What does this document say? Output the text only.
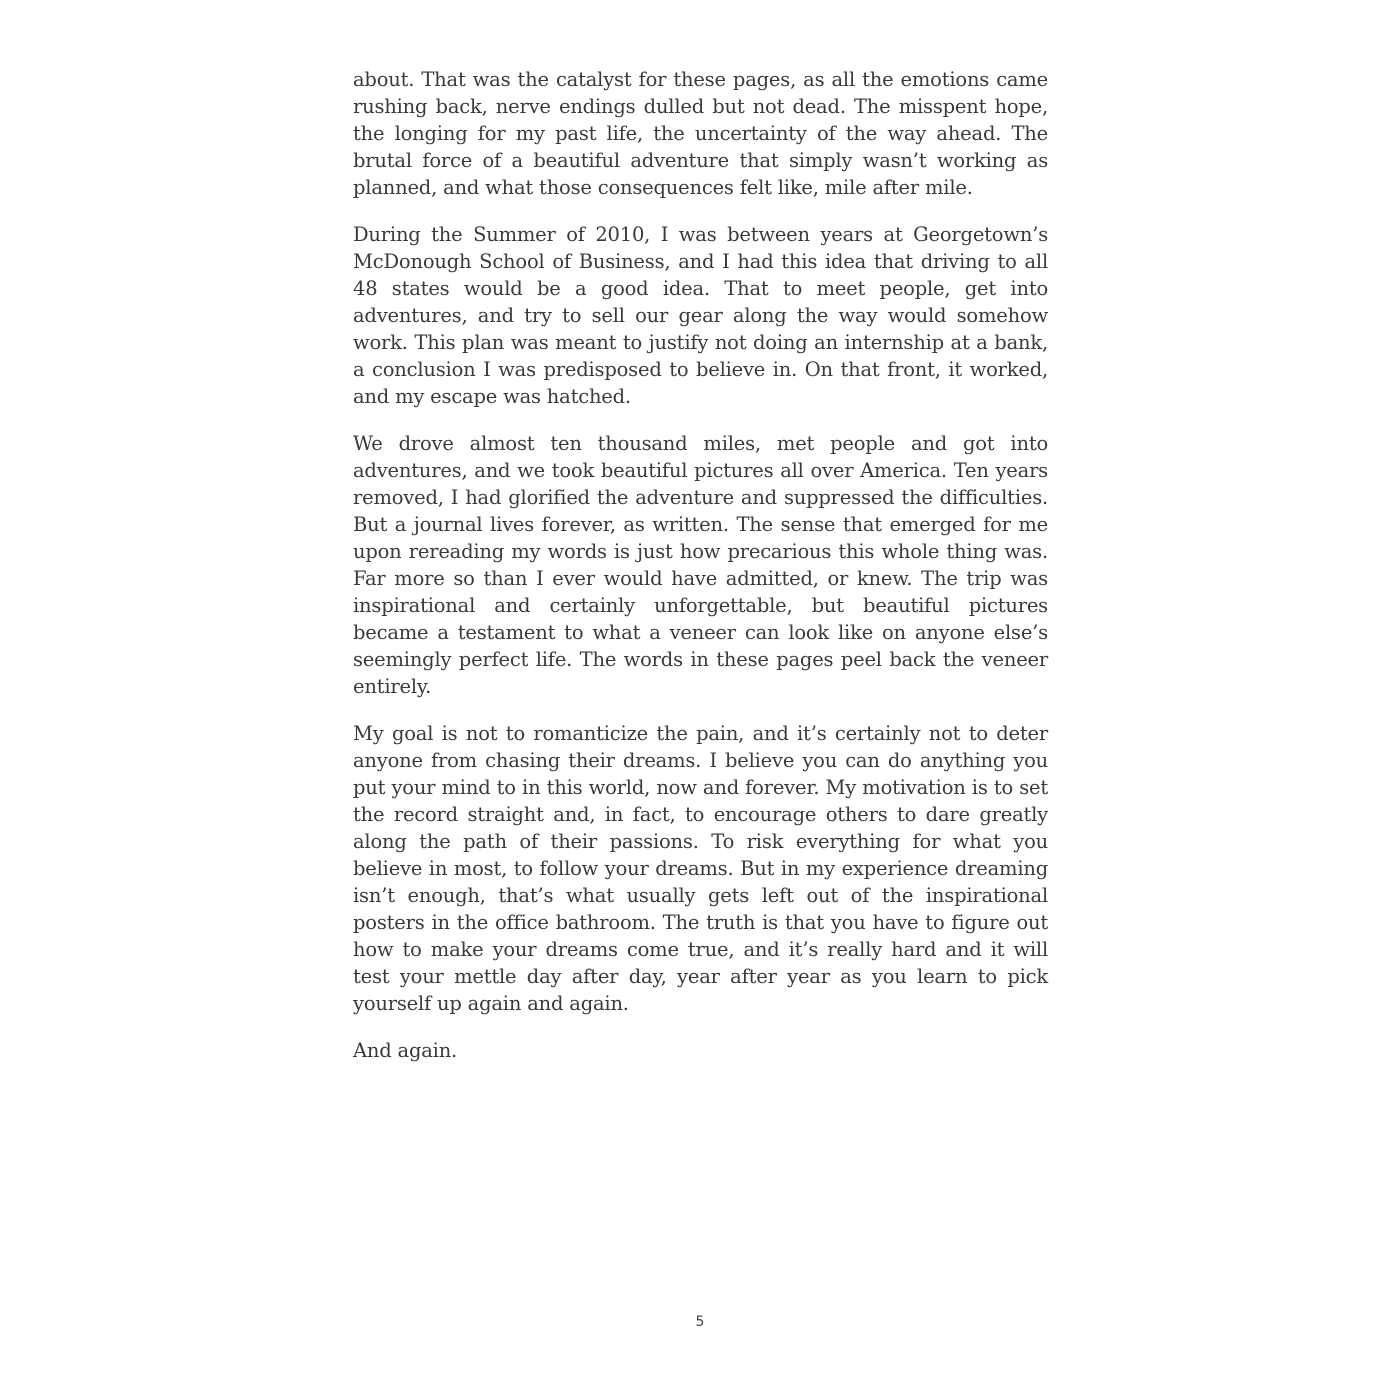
about. That was the catalyst for these pages, as all the emotions came rushing back, nerve endings dulled but not dead. The misspent hope, the longing for my past life, the uncertainty of the way ahead. The brutal force of a beautiful adventure that simply wasn’t working as planned, and what those consequences felt like, mile after mile.

During the Summer of 2010, I was between years at Georgetown’s McDonough School of Business, and I had this idea that driving to all 48 states would be a good idea. That to meet people, get into adventures, and try to sell our gear along the way would somehow work. This plan was meant to justify not doing an internship at a bank, a conclusion I was predisposed to believe in. On that front, it worked, and my escape was hatched.

We drove almost ten thousand miles, met people and got into adventures, and we took beautiful pictures all over America. Ten years removed, I had glorified the adventure and suppressed the difficulties. But a journal lives forever, as written. The sense that emerged for me upon rereading my words is just how precarious this whole thing was. Far more so than I ever would have admitted, or knew. The trip was inspirational and certainly unforgettable, but beautiful pictures became a testament to what a veneer can look like on anyone else’s seemingly perfect life. The words in these pages peel back the veneer entirely.

My goal is not to romanticize the pain, and it’s certainly not to deter anyone from chasing their dreams. I believe you can do anything you put your mind to in this world, now and forever. My motivation is to set the record straight and, in fact, to encourage others to dare greatly along the path of their passions. To risk everything for what you believe in most, to follow your dreams. But in my experience dreaming isn’t enough, that’s what usually gets left out of the inspirational posters in the office bathroom. The truth is that you have to figure out how to make your dreams come true, and it’s really hard and it will test your mettle day after day, year after year as you learn to pick yourself up again and again.

And again.

5
